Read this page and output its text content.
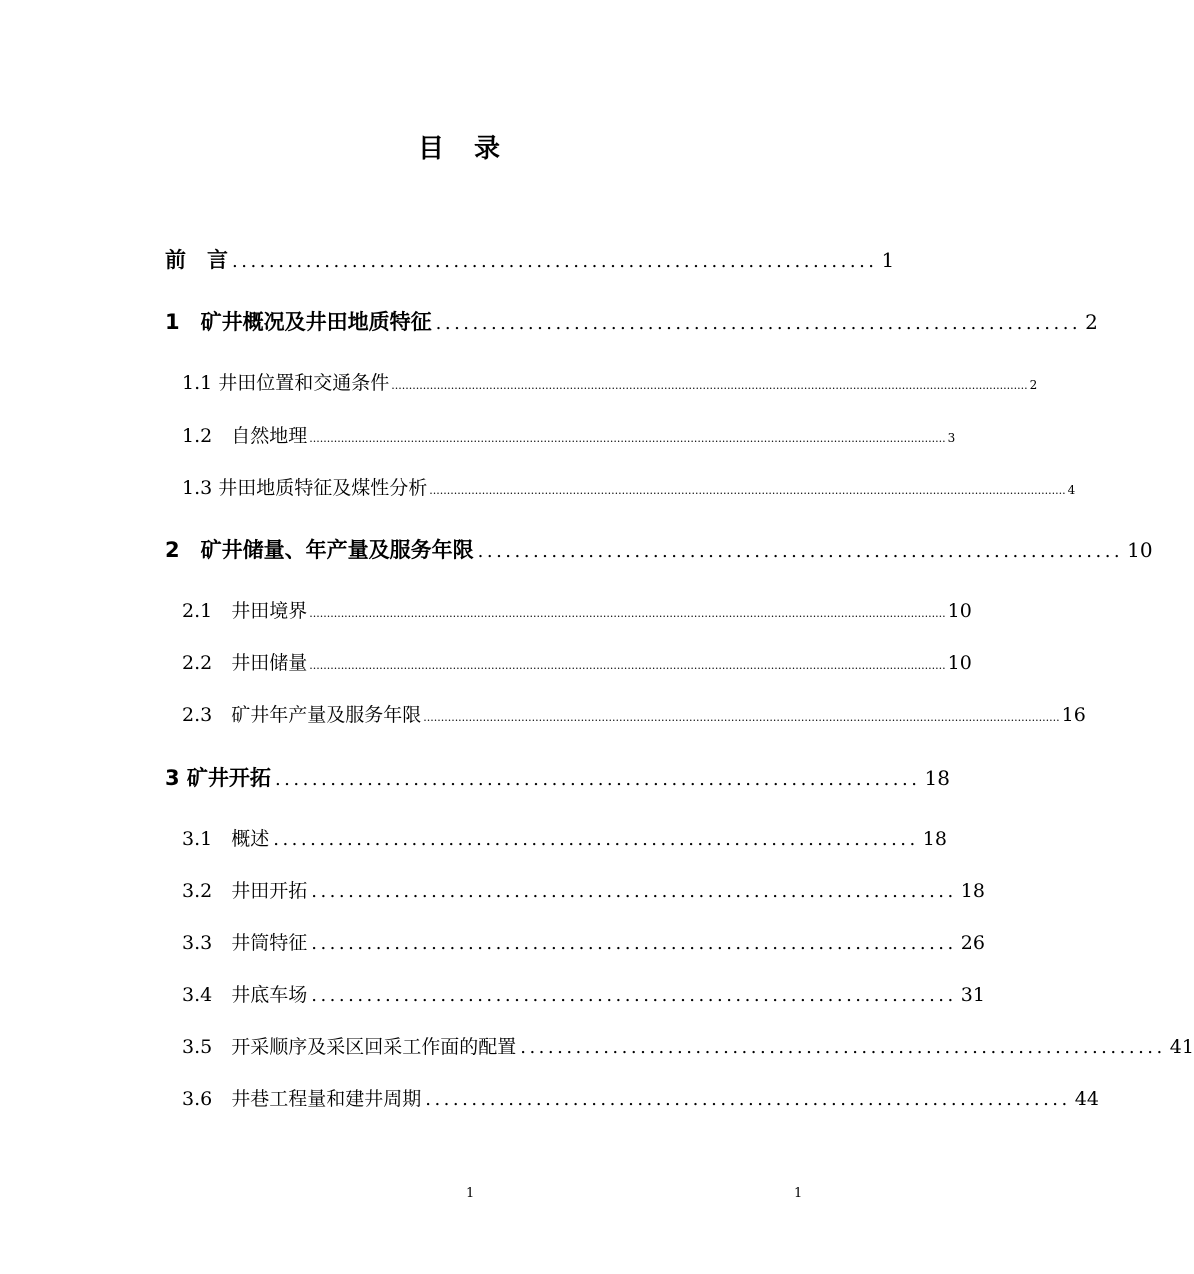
目　录
前　言 ...................................................................... 1
1　矿井概况及井田地质特征 ...................................................................... 2
1.1 井田位置和交通条件 ...................................................................................................................................................................................... 2
1.2　自然地理 ...................................................................................................................................................................................... 3
1.3 井田地质特征及煤性分析 ...................................................................................................................................................................................... 4
2　矿井储量、年产量及服务年限 ...................................................................... 10
2.1　井田境界 ...................................................................................................................................................................................... 10
2.2　井田储量 ...................................................................................................................................................................................... 10
2.3　矿井年产量及服务年限 ...................................................................................................................................................................................... 16
3 矿井开拓 ...................................................................... 18
3.1　概述 ...................................................................... 18
3.2　井田开拓 ...................................................................... 18
3.3　井筒特征 ...................................................................... 26
3.4　井底车场 ...................................................................... 31
3.5　开采顺序及采区回采工作面的配置 ...................................................................... 41
3.6　井巷工程量和建井周期 ...................................................................... 44
1	1
